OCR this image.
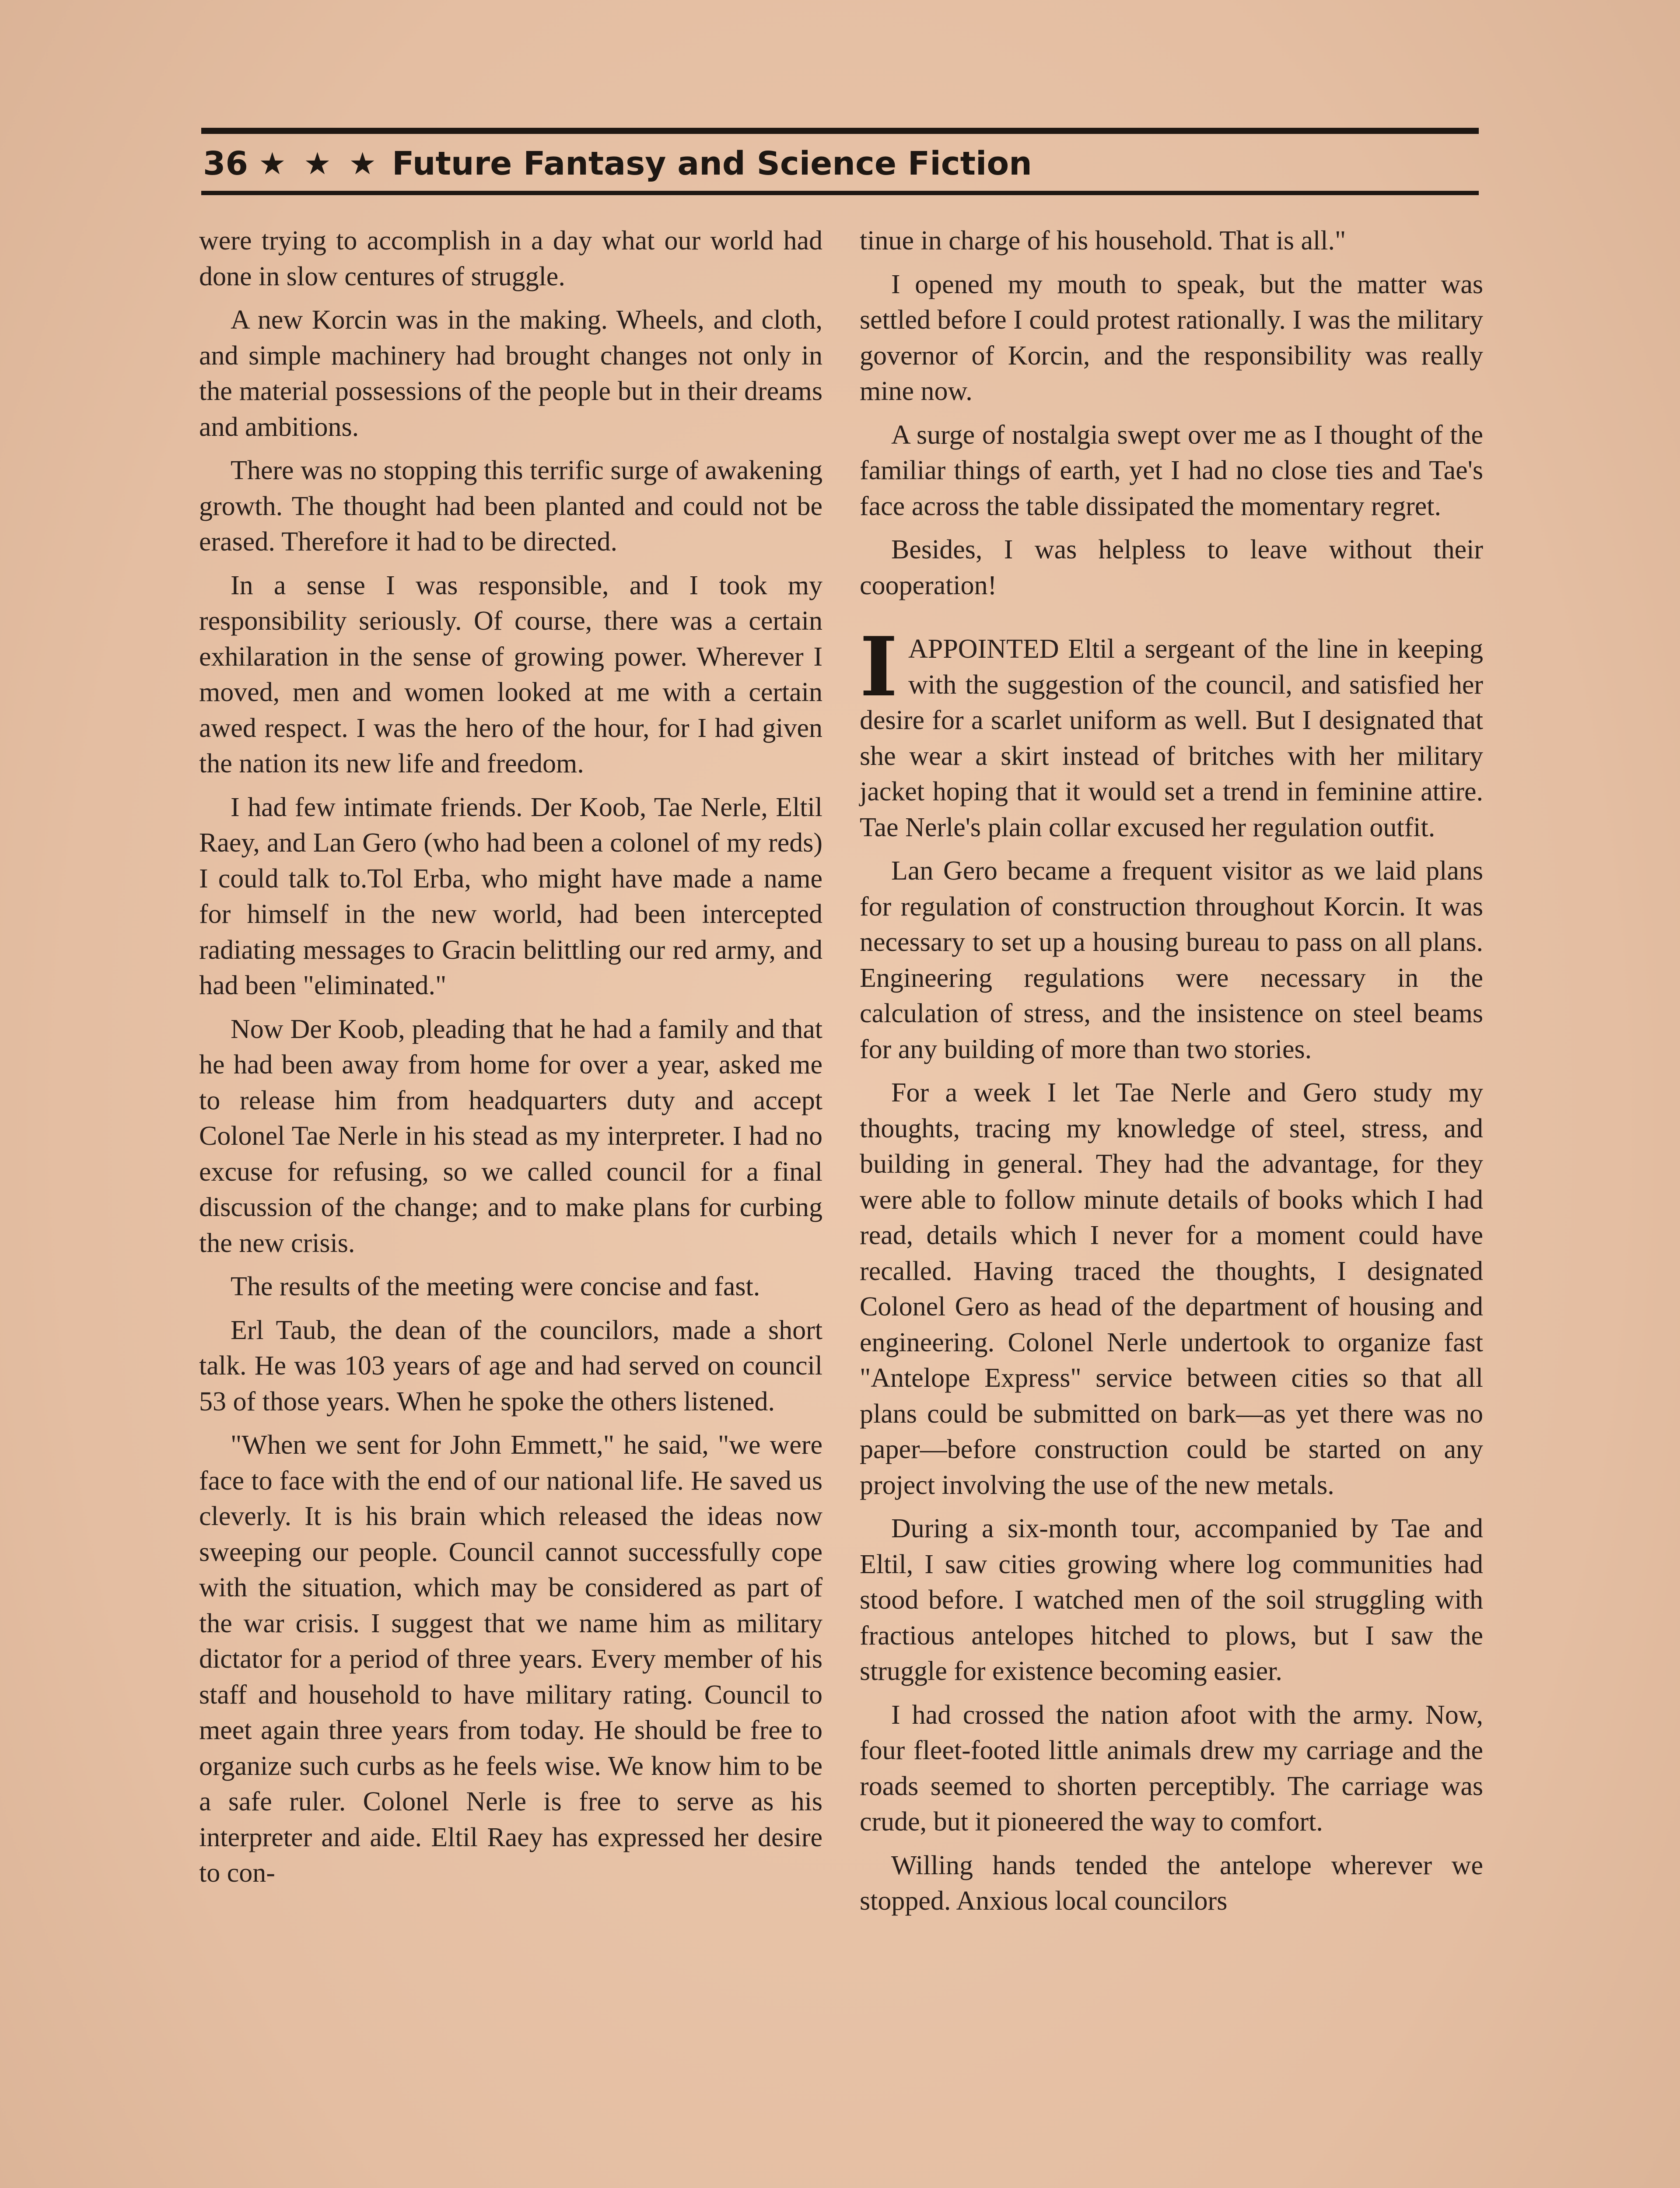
36 ★ ★ ★ Future Fantasy and Science Fiction

were trying to accomplish in a day what our world had done in slow centures of struggle.

A new Korcin was in the making. Wheels, and cloth, and simple machinery had brought changes not only in the material possessions of the people but in their dreams and ambitions.

There was no stopping this terrific surge of awakening growth. The thought had been planted and could not be erased. Therefore it had to be directed.

In a sense I was responsible, and I took my responsibility seriously. Of course, there was a certain exhilaration in the sense of growing power. Wherever I moved, men and women looked at me with a certain awed respect. I was the hero of the hour, for I had given the nation its new life and freedom.

I had few intimate friends. Der Koob, Tae Nerle, Eltil Raey, and Lan Gero (who had been a colonel of my reds) I could talk to.Tol Erba, who might have made a name for himself in the new world, had been intercepted radiating messages to Gracin belittling our red army, and had been "eliminated."

Now Der Koob, pleading that he had a family and that he had been away from home for over a year, asked me to release him from headquarters duty and accept Colonel Tae Nerle in his stead as my interpreter. I had no excuse for refusing, so we called council for a final discussion of the change; and to make plans for curbing the new crisis.

The results of the meeting were concise and fast.

Erl Taub, the dean of the councilors, made a short talk. He was 103 years of age and had served on council 53 of those years. When he spoke the others listened.

"When we sent for John Emmett," he said, "we were face to face with the end of our national life. He saved us cleverly. It is his brain which released the ideas now sweeping our people. Council cannot successfully cope with the situation, which may be considered as part of the war crisis. I suggest that we name him as military dictator for a period of three years. Every member of his staff and household to have military rating. Council to meet again three years from today. He should be free to organize such curbs as he feels wise. We know him to be a safe ruler. Colonel Nerle is free to serve as his interpreter and aide. Eltil Raey has expressed her desire to con-

tinue in charge of his household. That is all."

I opened my mouth to speak, but the matter was settled before I could protest rationally. I was the military governor of Korcin, and the responsibility was really mine now.

A surge of nostalgia swept over me as I thought of the familiar things of earth, yet I had no close ties and Tae's face across the table dissipated the momentary regret.

Besides, I was helpless to leave without their cooperation!

IAPPOINTED Eltil a sergeant of the line in keeping with the suggestion of the council, and satisfied her desire for a scarlet uniform as well. But I designated that she wear a skirt instead of britches with her military jacket hoping that it would set a trend in feminine attire. Tae Nerle's plain collar excused her regulation outfit.

Lan Gero became a frequent visitor as we laid plans for regulation of construction throughout Korcin. It was necessary to set up a housing bureau to pass on all plans. Engineering regulations were necessary in the calculation of stress, and the insistence on steel beams for any building of more than two stories.

For a week I let Tae Nerle and Gero study my thoughts, tracing my knowledge of steel, stress, and building in general. They had the advantage, for they were able to follow minute details of books which I had read, details which I never for a moment could have recalled. Having traced the thoughts, I designated Colonel Gero as head of the department of housing and engineering. Colonel Nerle undertook to organize fast "Antelope Express" service between cities so that all plans could be submitted on bark—as yet there was no paper—before construction could be started on any project involving the use of the new metals.

During a six-month tour, accompanied by Tae and Eltil, I saw cities growing where log communities had stood before. I watched men of the soil struggling with fractious antelopes hitched to plows, but I saw the struggle for existence becoming easier.

I had crossed the nation afoot with the army. Now, four fleet-footed little animals drew my carriage and the roads seemed to shorten perceptibly. The carriage was crude, but it pioneered the way to comfort.

Willing hands tended the antelope wherever we stopped. Anxious local councilors
